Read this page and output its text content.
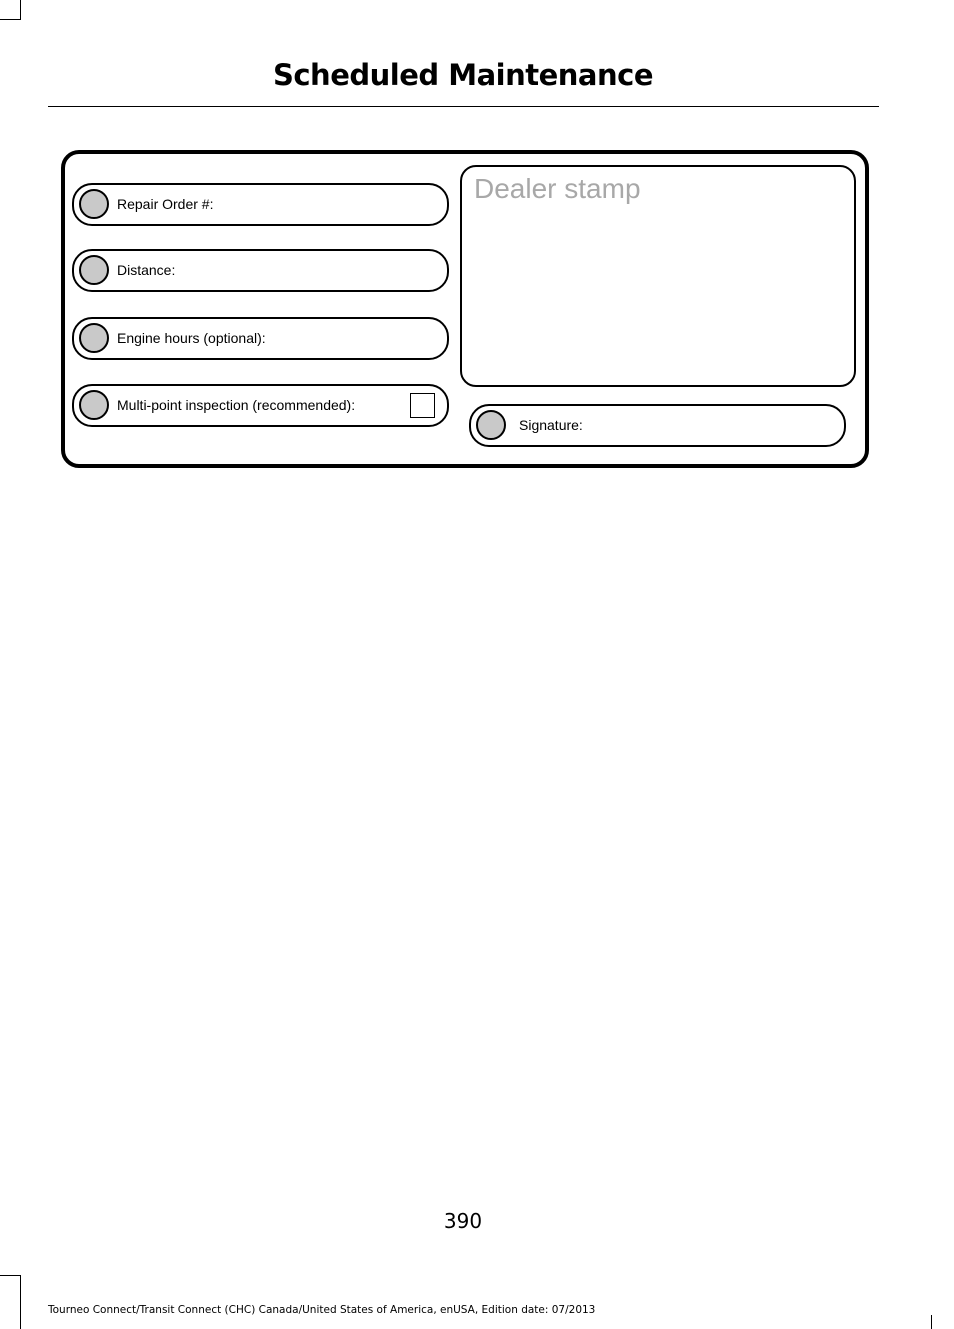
Scheduled Maintenance
Repair Order #:
Distance:
Engine hours (optional):
Multi-point inspection (recommended):
Dealer stamp
Signature:
390
Tourneo Connect/Transit Connect (CHC) Canada/United States of America, enUSA, Edition date: 07/2013
